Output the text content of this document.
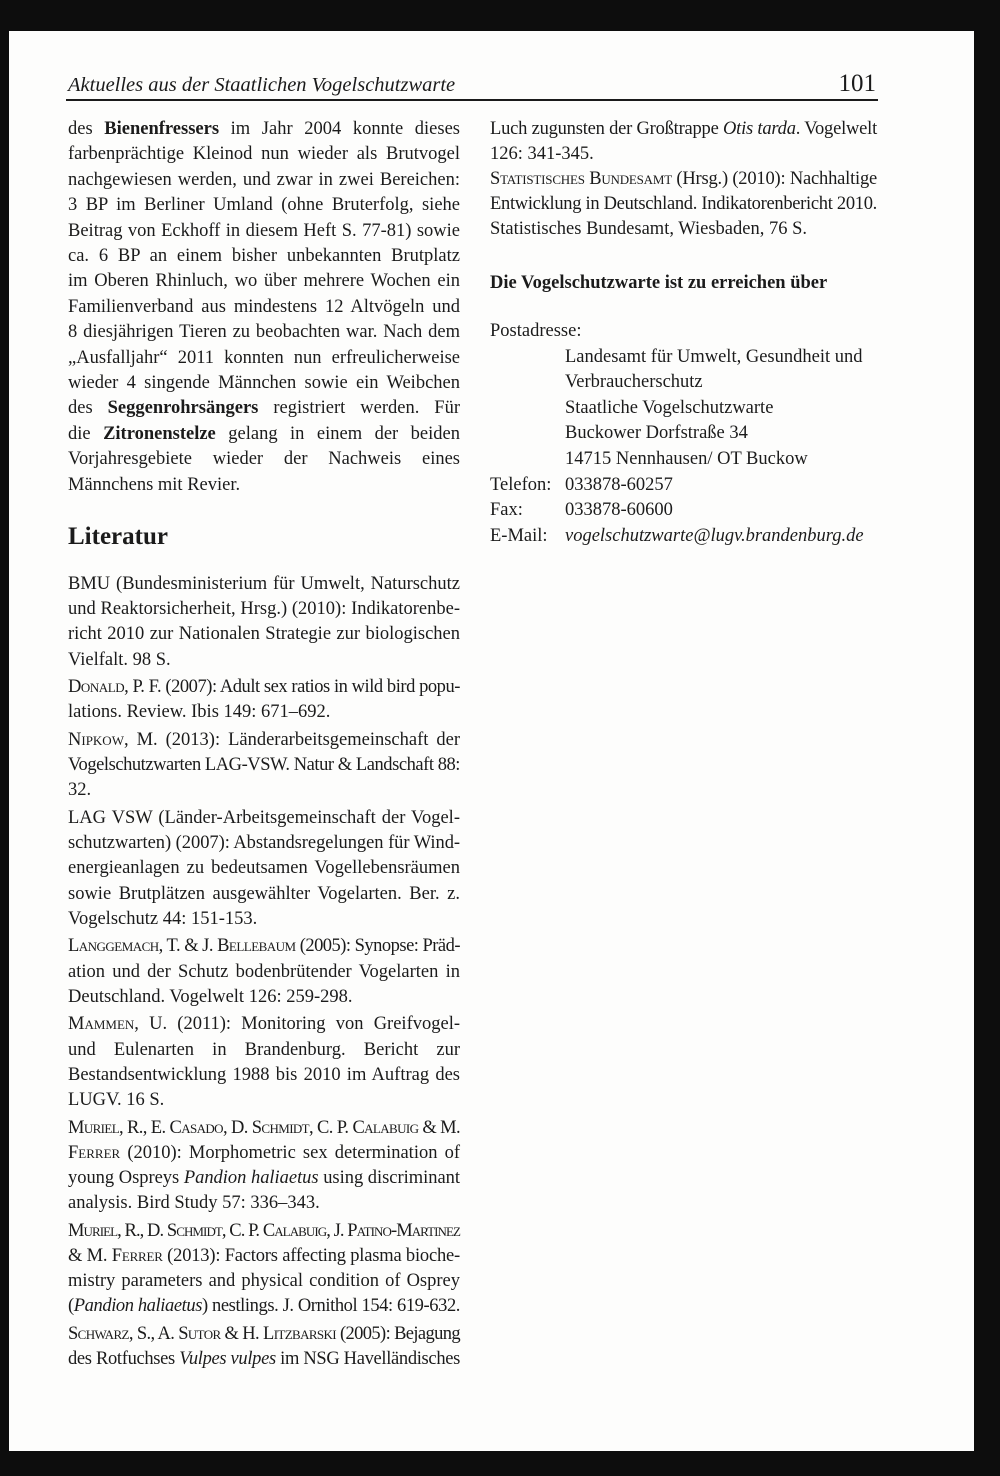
Aktuelles aus der Staatlichen Vogelschutzwarte	101
des Bienenfressers im Jahr 2004 konnte dieses
farbenprächtige Kleinod nun wieder als Brutvogel
nachgewiesen werden, und zwar in zwei Bereichen:
3 BP im Berliner Umland (ohne Bruterfolg, siehe
Beitrag von Eckhoff in diesem Heft S. 77-81) sowie
ca. 6 BP an einem bisher unbekannten Brutplatz
im Oberen Rhinluch, wo über mehrere Wochen ein
Familienverband aus mindestens 12 Altvögeln und
8 diesjährigen Tieren zu beobachten war. Nach dem
„Ausfalljahr“ 2011 konnten nun erfreulicherweise
wieder 4 singende Männchen sowie ein Weibchen
des Seggenrohrsängers registriert werden. Für
die Zitronenstelze gelang in einem der beiden
Vorjahresgebiete wieder der Nachweis eines
Männchens mit Revier.
Literatur
BMU (Bundesministerium für Umwelt, Naturschutz
und Reaktorsicherheit, Hrsg.) (2010): Indikatorenbe-
richt 2010 zur Nationalen Strategie zur biologischen
Vielfalt. 98 S.
Donald, P. F. (2007): Adult sex ratios in wild bird popu-
lations. Review. Ibis 149: 671–692.
Nipkow, M. (2013): Länderarbeitsgemeinschaft der
Vogelschutzwarten LAG-VSW. Natur & Landschaft 88:
32.
LAG VSW (Länder-Arbeitsgemeinschaft der Vogel-
schutzwarten) (2007): Abstandsregelungen für Wind-
energieanlagen zu bedeutsamen Vogellebensräumen
sowie Brutplätzen ausgewählter Vogelarten. Ber. z.
Vogelschutz 44: 151-153.
Langgemach, T. & J. Bellebaum (2005): Synopse: Präd-
ation und der Schutz bodenbrütender Vogelarten in
Deutschland. Vogelwelt 126: 259-298.
Mammen, U. (2011): Monitoring von Greifvogel-
und Eulenarten in Brandenburg. Bericht zur
Bestandsentwicklung 1988 bis 2010 im Auftrag des
LUGV. 16 S.
Muriel, R., E. Casado, D. Schmidt, C. P. Calabuig & M.
Ferrer (2010): Morphometric sex determination of
young Ospreys Pandion haliaetus using discriminant
analysis. Bird Study 57: 336–343.
Muriel, R., D. Schmidt, C. P. Calabuig, J. Patino-Martinez
& M. Ferrer (2013): Factors affecting plasma bioche-
mistry parameters and physical condition of Osprey
(Pandion haliaetus) nestlings. J. Ornithol 154: 619-632.
Schwarz, S., A. Sutor & H. Litzbarski (2005): Bejagung
des Rotfuchses Vulpes vulpes im NSG Havelländisches
Luch zugunsten der Großtrappe Otis tarda. Vogelwelt
126: 341-345.
Statistisches Bundesamt (Hrsg.) (2010): Nachhaltige
Entwicklung in Deutschland. Indikatorenbericht 2010.
Statistisches Bundesamt, Wiesbaden, 76 S.
Die Vogelschutzwarte ist zu erreichen über
Postadresse:
Landesamt für Umwelt, Gesundheit und
Verbraucherschutz
Staatliche Vogelschutzwarte
Buckower Dorfstraße 34
14715 Nennhausen/ OT Buckow
Telefon: 033878-60257
Fax:	033878-60600
E-Mail: vogelschutzwarte@lugv.brandenburg.de
